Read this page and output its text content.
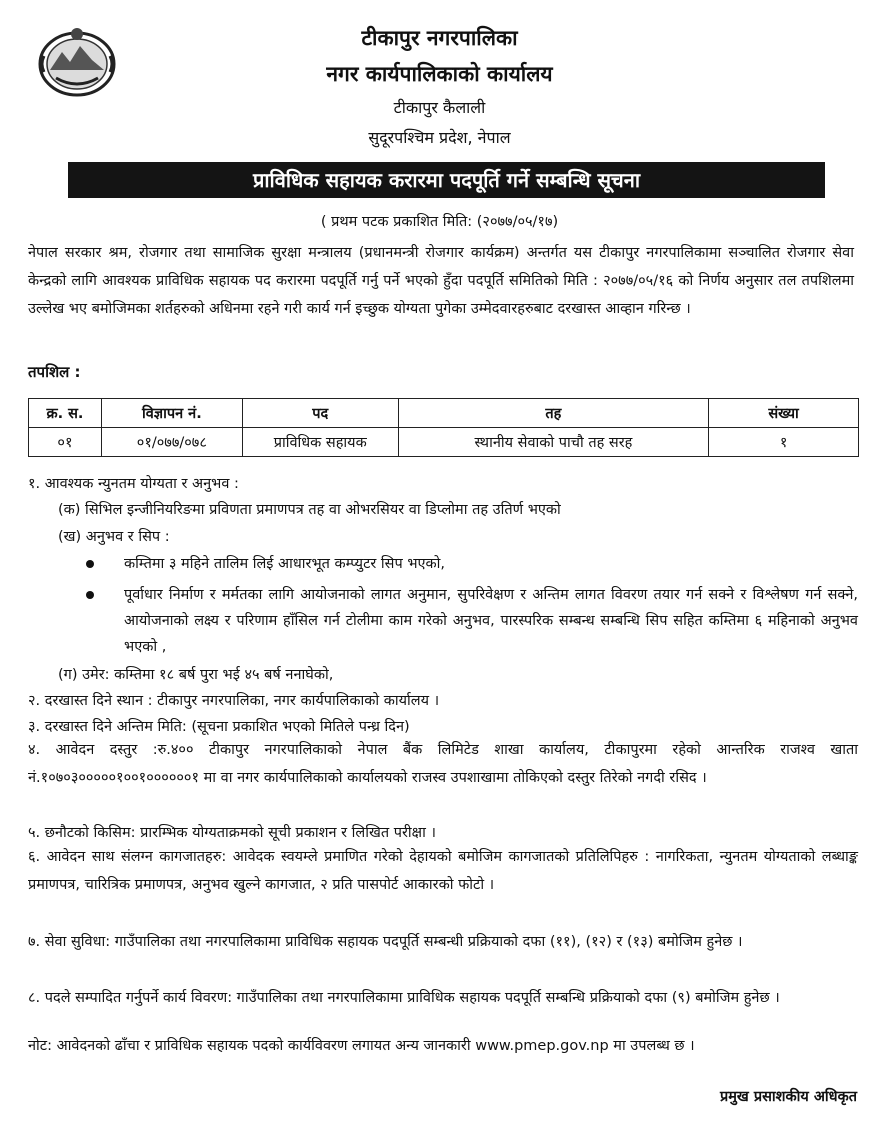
टीकापुर नगरपालिका
नगर कार्यपालिकाको कार्यालय
टीकापुर कैलाली
सुदूरपश्चिम प्रदेश, नेपाल
प्राविधिक सहायक करारमा पदपूर्ति गर्ने सम्बन्धि सूचना
( प्रथम पटक प्रकाशित मिति: (२०७७/०५/१७)
नेपाल सरकार श्रम, रोजगार तथा सामाजिक सुरक्षा मन्त्रालय (प्रधानमन्त्री रोजगार कार्यक्रम) अन्तर्गत यस टीकापुर नगरपालिकामा सञ्चालित रोजगार सेवा केन्द्रको लागि आवश्यक प्राविधिक सहायक पद करारमा पदपूर्ति गर्नु पर्ने भएको हुँदा पदपूर्ति समितिको मिति : २०७७/०५/१६ को निर्णय अनुसार तल तपशिलमा उल्लेख भए बमोजिमका शर्तहरुको अधिनमा रहने गरी कार्य गर्न इच्छुक योग्यता पुगेका उम्मेदवारहरुबाट दरखास्त आव्हान गरिन्छ ।
तपशिल :
क्र. स.	विज्ञापन नं.	पद	तह	संख्या
०१	०१/०७७/०७८	प्राविधिक सहायक	स्थानीय सेवाको पाचौ तह सरह	१
१. आवश्यक न्युनतम योग्यता र अनुभव :
(क) सिभिल इन्जीनियरिङमा प्रविणता प्रमाणपत्र तह वा ओभरसियर वा डिप्लोमा तह उतिर्ण भएको
(ख) अनुभव र सिप :
कम्तिमा ३ महिने तालिम लिई आधारभूत कम्प्युटर सिप भएको,
पूर्वाधार निर्माण र मर्मतका लागि आयोजनाको लागत अनुमान, सुपरिवेक्षण र अन्तिम लागत विवरण तयार गर्न सक्ने र विश्लेषण गर्न सक्ने, आयोजनाको लक्ष्य र परिणाम हाँसिल गर्न टोलीमा काम गरेको अनुभव, पारस्परिक सम्बन्ध सम्बन्धि सिप सहित कम्तिमा ६ महिनाको अनुभव भएको ,
(ग) उमेर: कम्तिमा १८ बर्ष पुरा भई ४५ बर्ष ननाघेको,
२. दरखास्त दिने स्थान : टीकापुर नगरपालिका, नगर कार्यपालिकाको कार्यालय ।
३. दरखास्त दिने अन्तिम मिति: (सूचना प्रकाशित भएको मितिले पन्ध्र दिन)
४. आवेदन दस्तुर :रु.४०० टीकापुर नगरपालिकाको नेपाल बैंक लिमिटेड शाखा कार्यालय, टीकापुरमा रहेको आन्तरिक राजश्व खाता नं.१०७०३०००००१००१००००००१ मा वा नगर कार्यपालिकाको कार्यालयको राजस्व उपशाखामा तोकिएको दस्तुर तिरेको नगदी रसिद ।
५. छनौटको किसिम: प्रारम्भिक योग्यताक्रमको सूची प्रकाशन र लिखित परीक्षा ।
६. आवेदन साथ संलग्न कागजातहरु: आवेदक स्वयम्ले प्रमाणित गरेको देहायको बमोजिम कागजातको प्रतिलिपिहरु : नागरिकता, न्युनतम योग्यताको लब्धाङ्क प्रमाणपत्र, चारित्रिक प्रमाणपत्र, अनुभव खुल्ने कागजात, २ प्रति पासपोर्ट आकारको फोटो ।
७. सेवा सुविधा: गाउँपालिका तथा नगरपालिकामा प्राविधिक सहायक पदपूर्ति सम्बन्धी प्रक्रियाको दफा (११), (१२) र (१३) बमोजिम हुनेछ ।
८. पदले सम्पादित गर्नुपर्ने कार्य विवरण: गाउँपालिका तथा नगरपालिकामा प्राविधिक सहायक पदपूर्ति सम्बन्धि प्रक्रियाको दफा (९) बमोजिम हुनेछ ।
नोट: आवेदनको ढाँचा र प्राविधिक सहायक पदको कार्यविवरण लगायत अन्य जानकारी www.pmep.gov.np मा उपलब्ध छ ।
प्रमुख प्रसाशकीय अधिकृत
